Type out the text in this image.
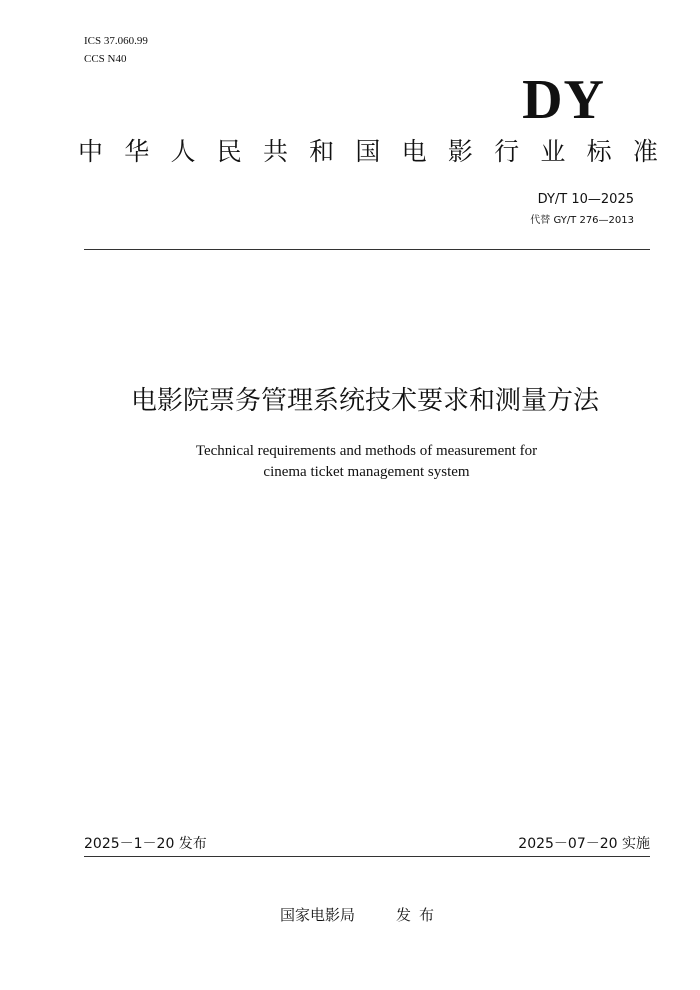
ICS 37.060.99
CCS N40
DY
中 华 人 民 共 和 国 电 影 行 业 标 准
DY/T 10—2025
代替 GY/T 276—2013
电影院票务管理系统技术要求和测量方法
Technical requirements and methods of measurement for
cinema ticket management system
2025－1－20 发布	2025－07－20 实施
国家电影局	发布
